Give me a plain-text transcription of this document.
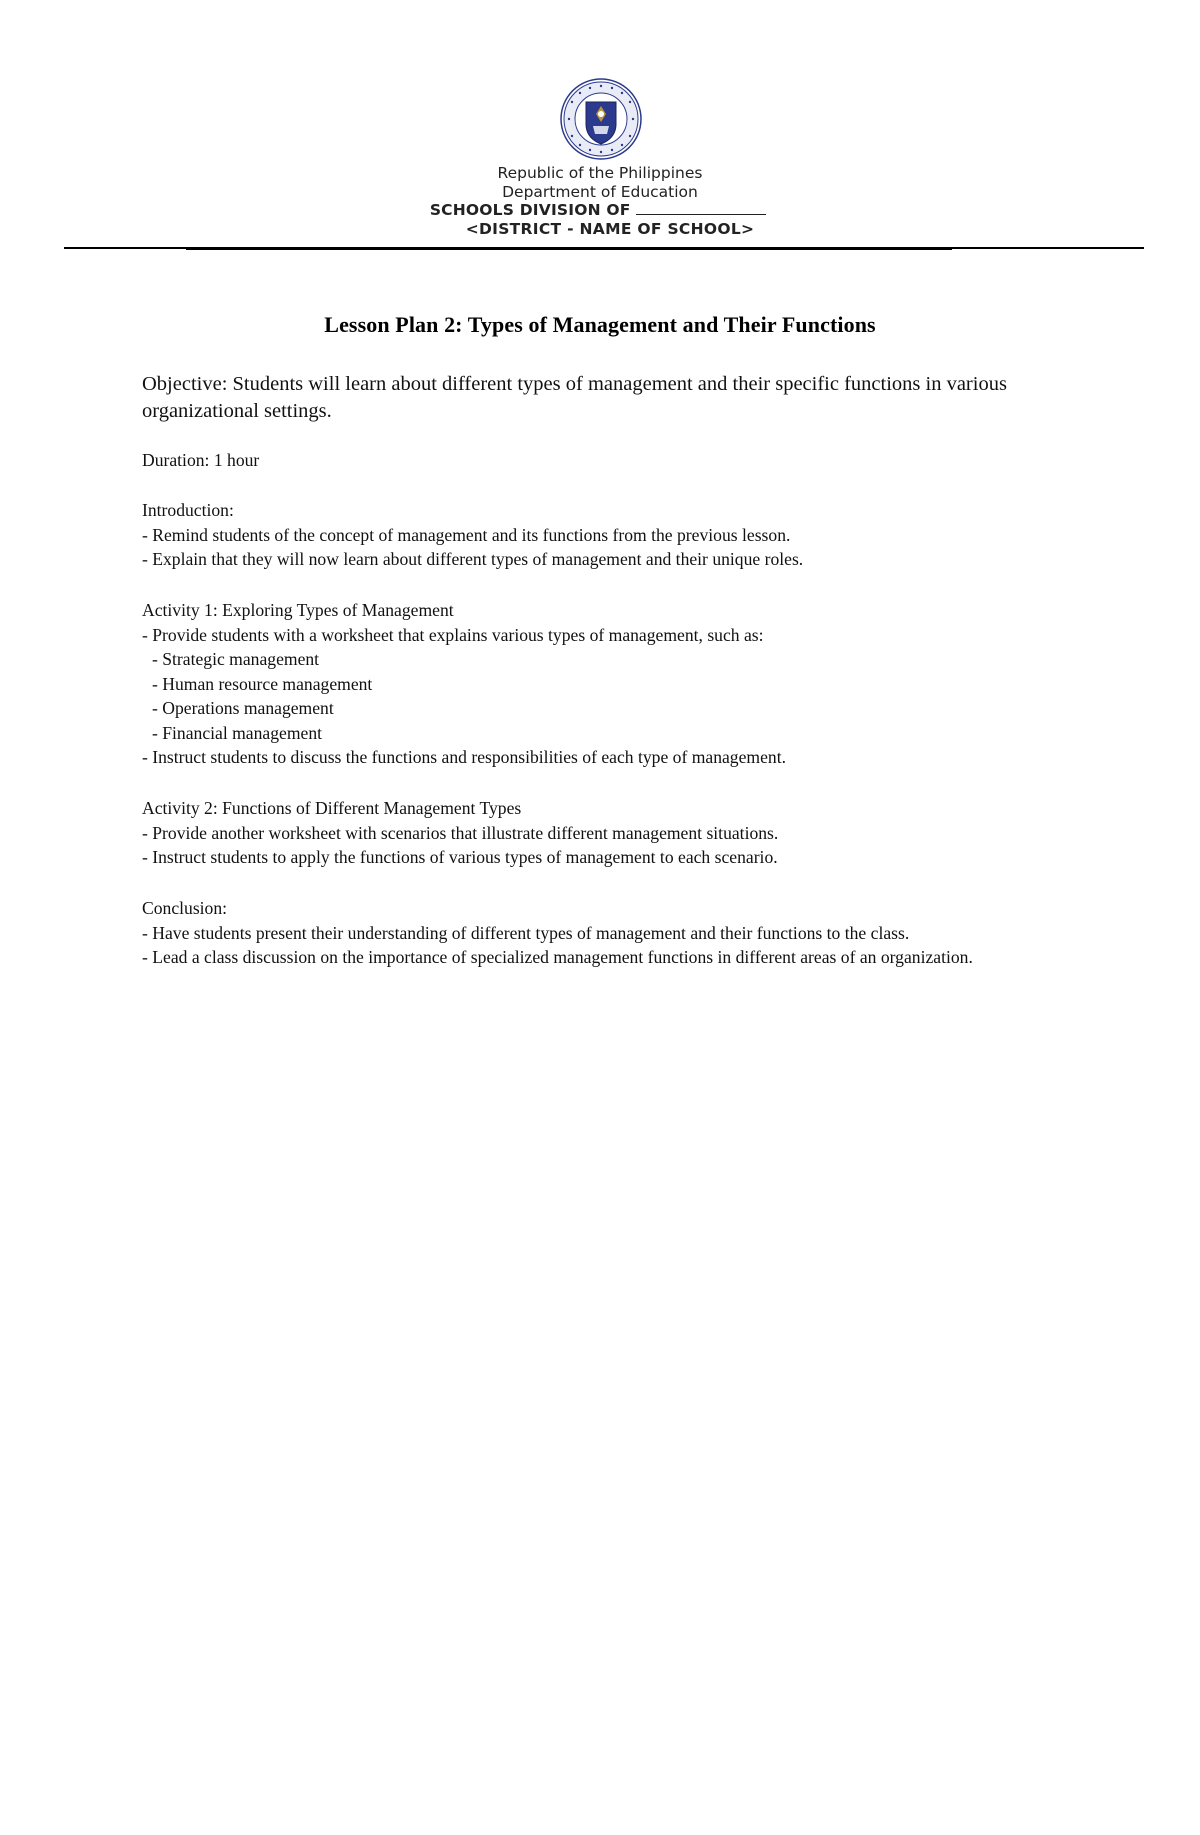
Republic of the Philippines
Department of Education
SCHOOLS DIVISION OF
<DISTRICT - NAME OF SCHOOL>
Lesson Plan 2: Types of Management and Their Functions
Objective: Students will learn about different types of management and their specific functions in various organizational settings.

Duration: 1 hour

Introduction:

- Remind students of the concept of management and its functions from the previous lesson.

- Explain that they will now learn about different types of management and their unique roles.

Activity 1: Exploring Types of Management

- Provide students with a worksheet that explains various types of management, such as:

- Strategic management

- Human resource management

- Operations management

- Financial management

- Instruct students to discuss the functions and responsibilities of each type of management.

Activity 2: Functions of Different Management Types

- Provide another worksheet with scenarios that illustrate different management situations.

- Instruct students to apply the functions of various types of management to each scenario.

Conclusion:

- Have students present their understanding of different types of management and their functions to the class.

- Lead a class discussion on the importance of specialized management functions in different areas of an organization.
